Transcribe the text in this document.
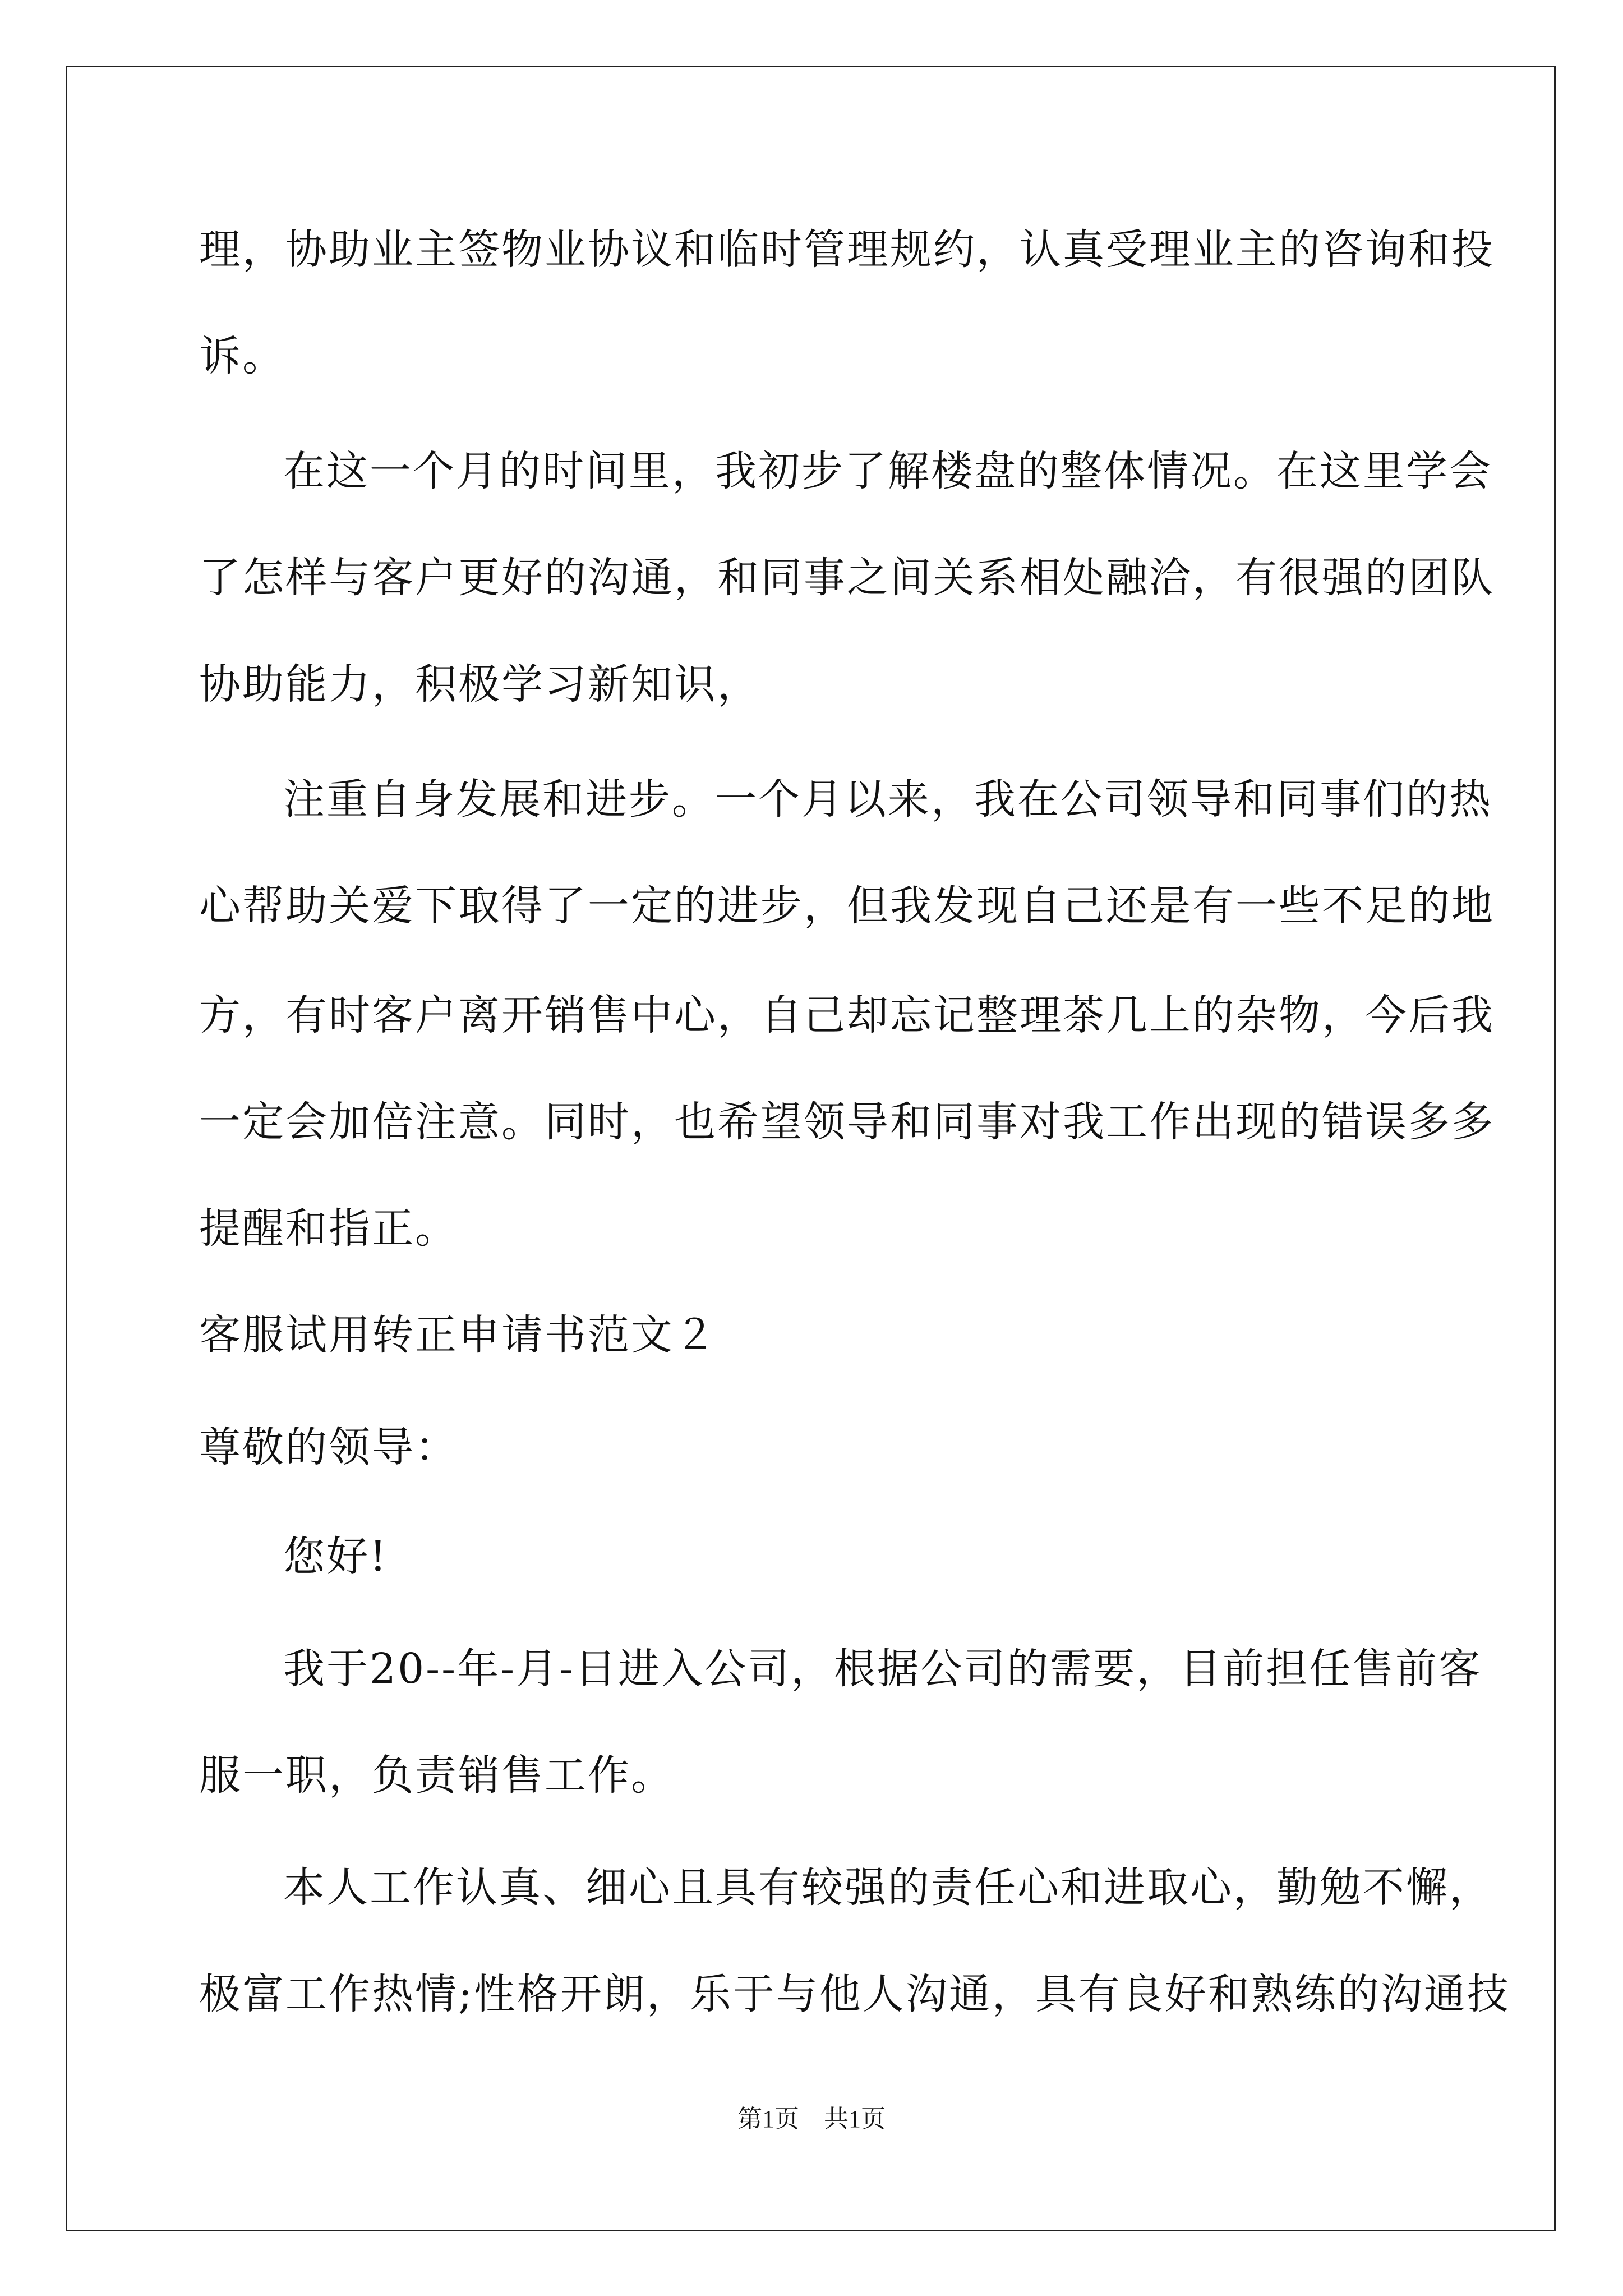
理，协助业主签物业协议和临时管理规约，认真受理业主的咨询和投
诉。
在这一个月的时间里，我初步了解楼盘的整体情况。在这里学会
了怎样与客户更好的沟通，和同事之间关系相处融洽，有很强的团队
协助能力，积极学习新知识，
注重自身发展和进步。一个月以来，我在公司领导和同事们的热
心帮助关爱下取得了一定的进步，但我发现自己还是有一些不足的地
方，有时客户离开销售中心，自己却忘记整理茶几上的杂物，今后我
一定会加倍注意。同时，也希望领导和同事对我工作出现的错误多多
提醒和指正。
客服试用转正申请书范文２
尊敬的领导：
您好!
我于20--年-月-日进入公司，根据公司的需要，目前担任售前客
服一职，负责销售工作。
本人工作认真、细心且具有较强的责任心和进取心，勤勉不懈，
极富工作热情;性格开朗，乐于与他人沟通，具有良好和熟练的沟通技
第1页　共1页
